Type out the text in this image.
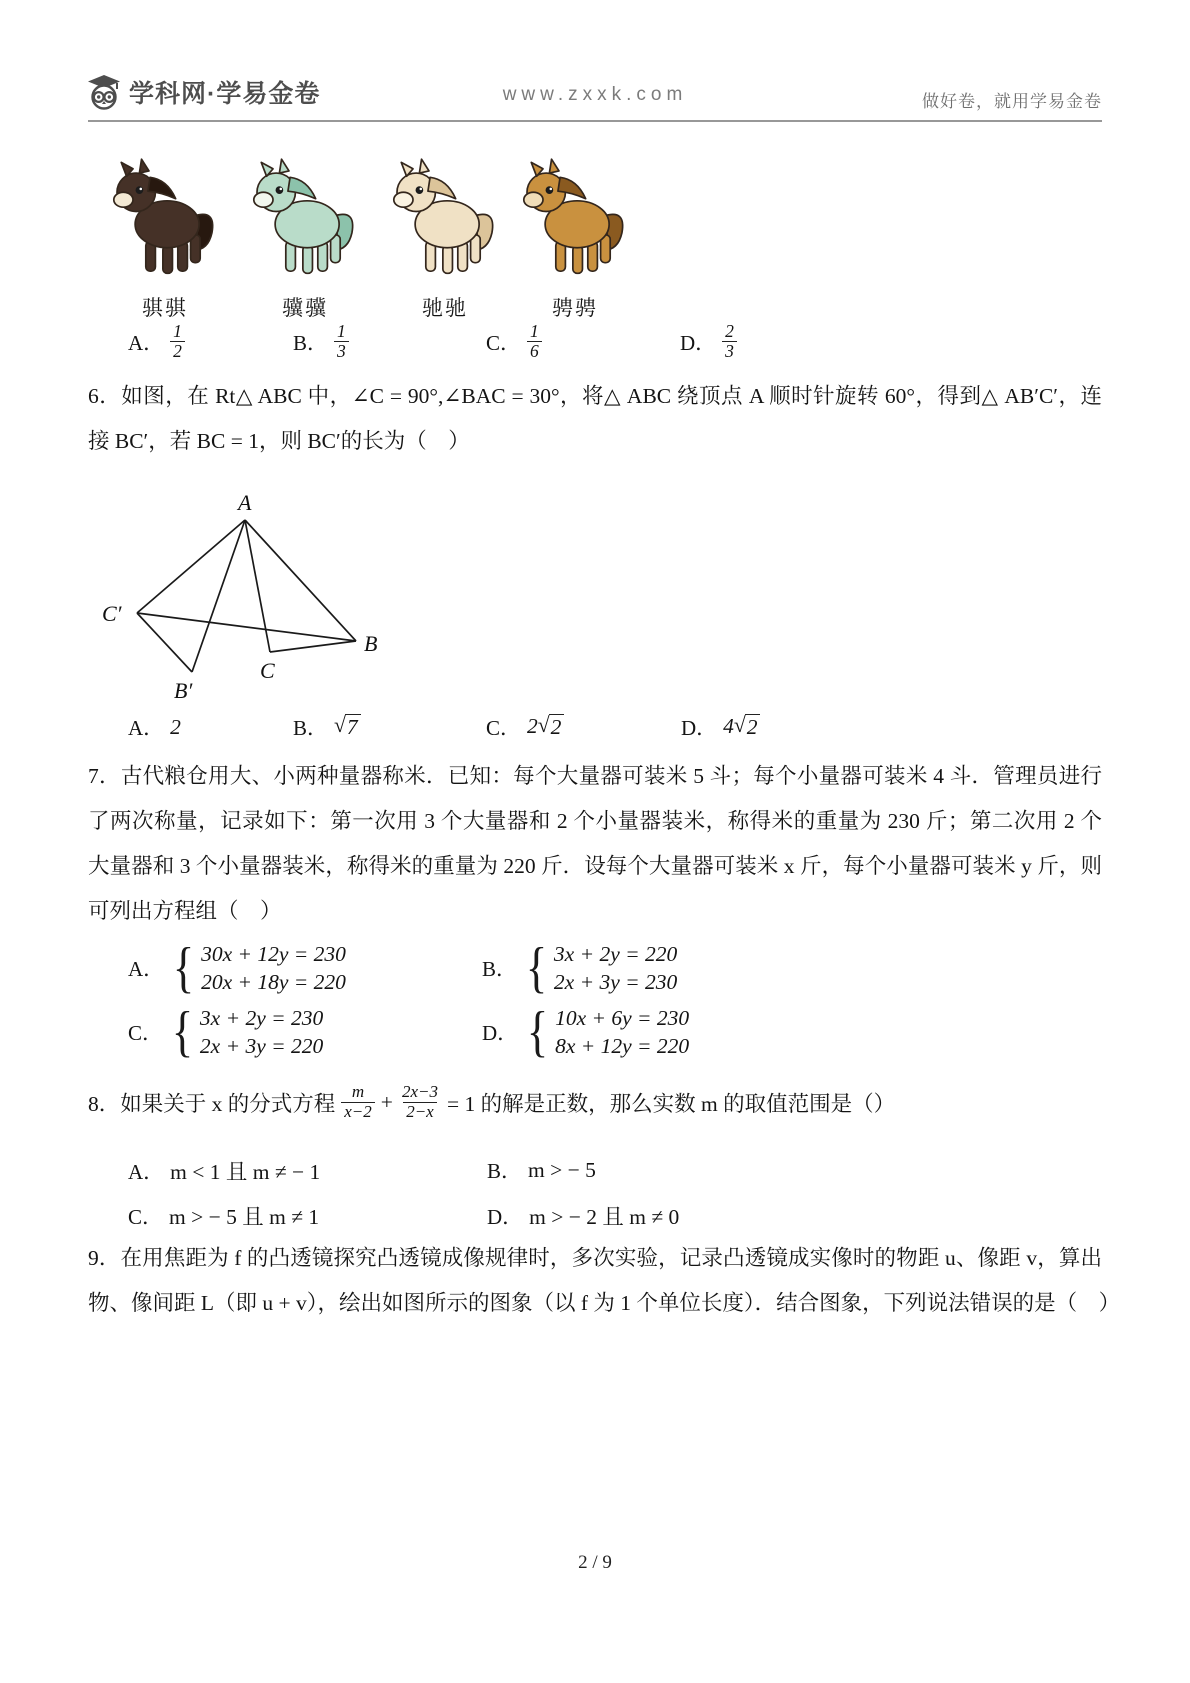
学科网·学易金卷	www.zxxk.com	做好卷，就用学易金卷
骐骐	骥骥	驰驰	骋骋
A． $\frac{1}{2}$	B． $\frac{1}{3}$	C． $\frac{1}{6}$	D． $\frac{2}{3}$
6．如图，在 Rt△ ABC 中，∠C = 90°,∠BAC = 30°，将△ ABC 绕顶点 A 顺时针旋转 60°，得到△ AB′C′，连
接 BC′，若 BC = 1，则 BC′的长为（　）
A
C′
B
C
B′
A． 2	B． √ 7	C． 2 √ 2	D． 4 √ 2
7．古代粮仓用大、小两种量器称米．已知：每个大量器可装米 5 斗；每个小量器可装米 4 斗．管理员进行
了两次称量，记录如下：第一次用 3 个大量器和 2 个小量器装米，称得米的重量为 230 斤；第二次用 2 个
大量器和 3 个小量器装米，称得米的重量为 220 斤．设每个大量器可装米 x 斤，每个小量器可装米 y 斤，则
可列出方程组（　）
A． { 30x + 12y = 230
20x + 18y = 220
B． { 3x + 2y = 220
2x + 3y = 230
C． { 3x + 2y = 230
2x + 3y = 220
D． { 10x + 6y = 230
8x + 12y = 220
8．如果关于 x 的分式方程 $\frac{m}{x-2} + \frac{2x-3}{2-x} = 1$ 的解是正数，那么实数 m 的取值范围是（）
A． m < 1 且 m ≠ − 1	B． m > − 5
C． m > − 5 且 m ≠ 1	D． m > − 2 且 m ≠ 0
9．在用焦距为 f 的凸透镜探究凸透镜成像规律时，多次实验，记录凸透镜成实像时的物距 u、像距 v，算出
物、像间距 L（即 u + v），绘出如图所示的图象（以 f 为 1 个单位长度）．结合图象，下列说法错误的是（　）
2 / 9
